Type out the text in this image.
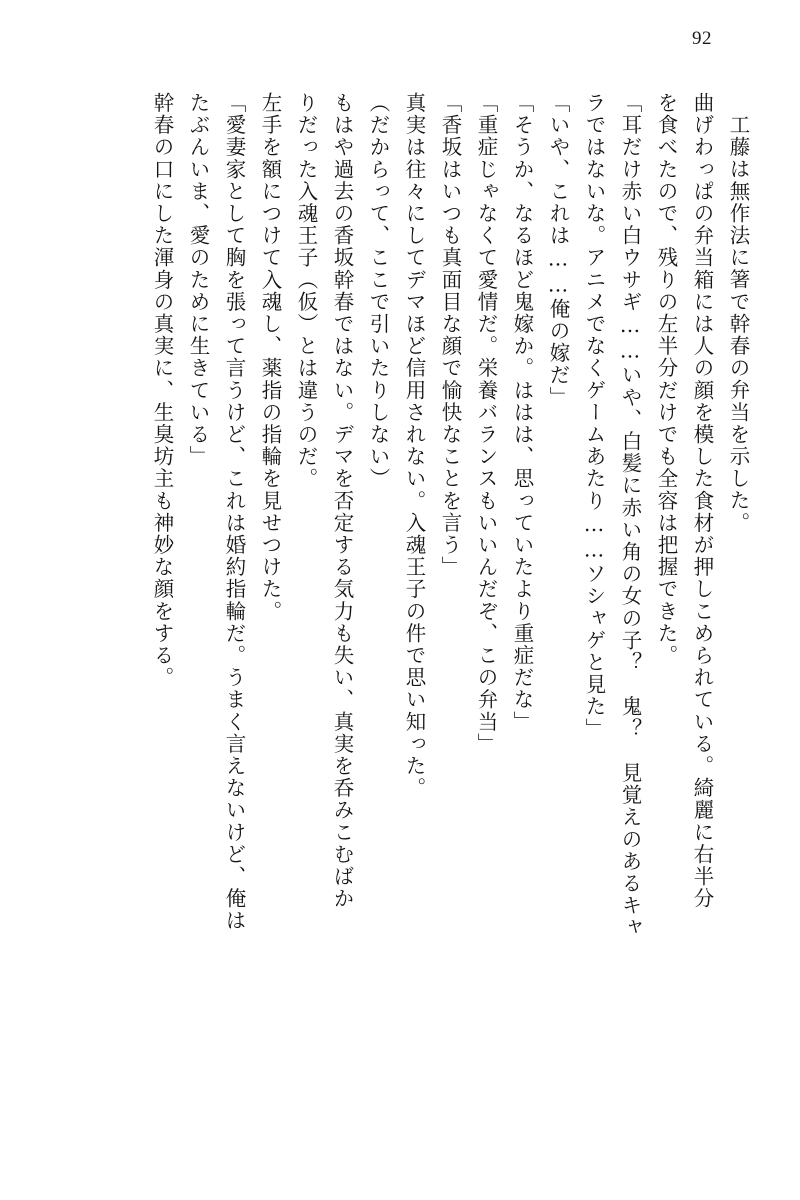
92
工藤は無作法に箸で幹春の弁当を示した。
曲げわっぱの弁当箱には人の顔を模した食材が押しこめられている。綺麗に右半分
を食べたので、残りの左半分だけでも全容は把握できた。
「耳だけ赤い白ウサギ……いや、白髪に赤い角の女の子？　鬼？　見覚えのあるキャ
ラではないな。アニメでなくゲームあたり……ソシャゲと見た」
「いや、これは……俺の嫁だ」
「そうか、なるほど鬼嫁か。ははは、思っていたより重症だな」
「重症じゃなくて愛情だ。栄養バランスもいいんだぞ、この弁当」
「香坂はいつも真面目な顔で愉快なことを言う」
真実は往々にしてデマほど信用されない。入魂王子の件で思い知った。
（だからって、ここで引いたりしない）
もはや過去の香坂幹春ではない。デマを否定する気力も失い、真実を呑みこむばか
りだった入魂王子（仮）とは違うのだ。
左手を額につけて入魂し、薬指の指輪を見せつけた。
「愛妻家として胸を張って言うけど、これは婚約指輪だ。うまく言えないけど、俺は
たぶんいま、愛のために生きている」
幹春の口にした渾身の真実に、生臭坊主も神妙な顔をする。
